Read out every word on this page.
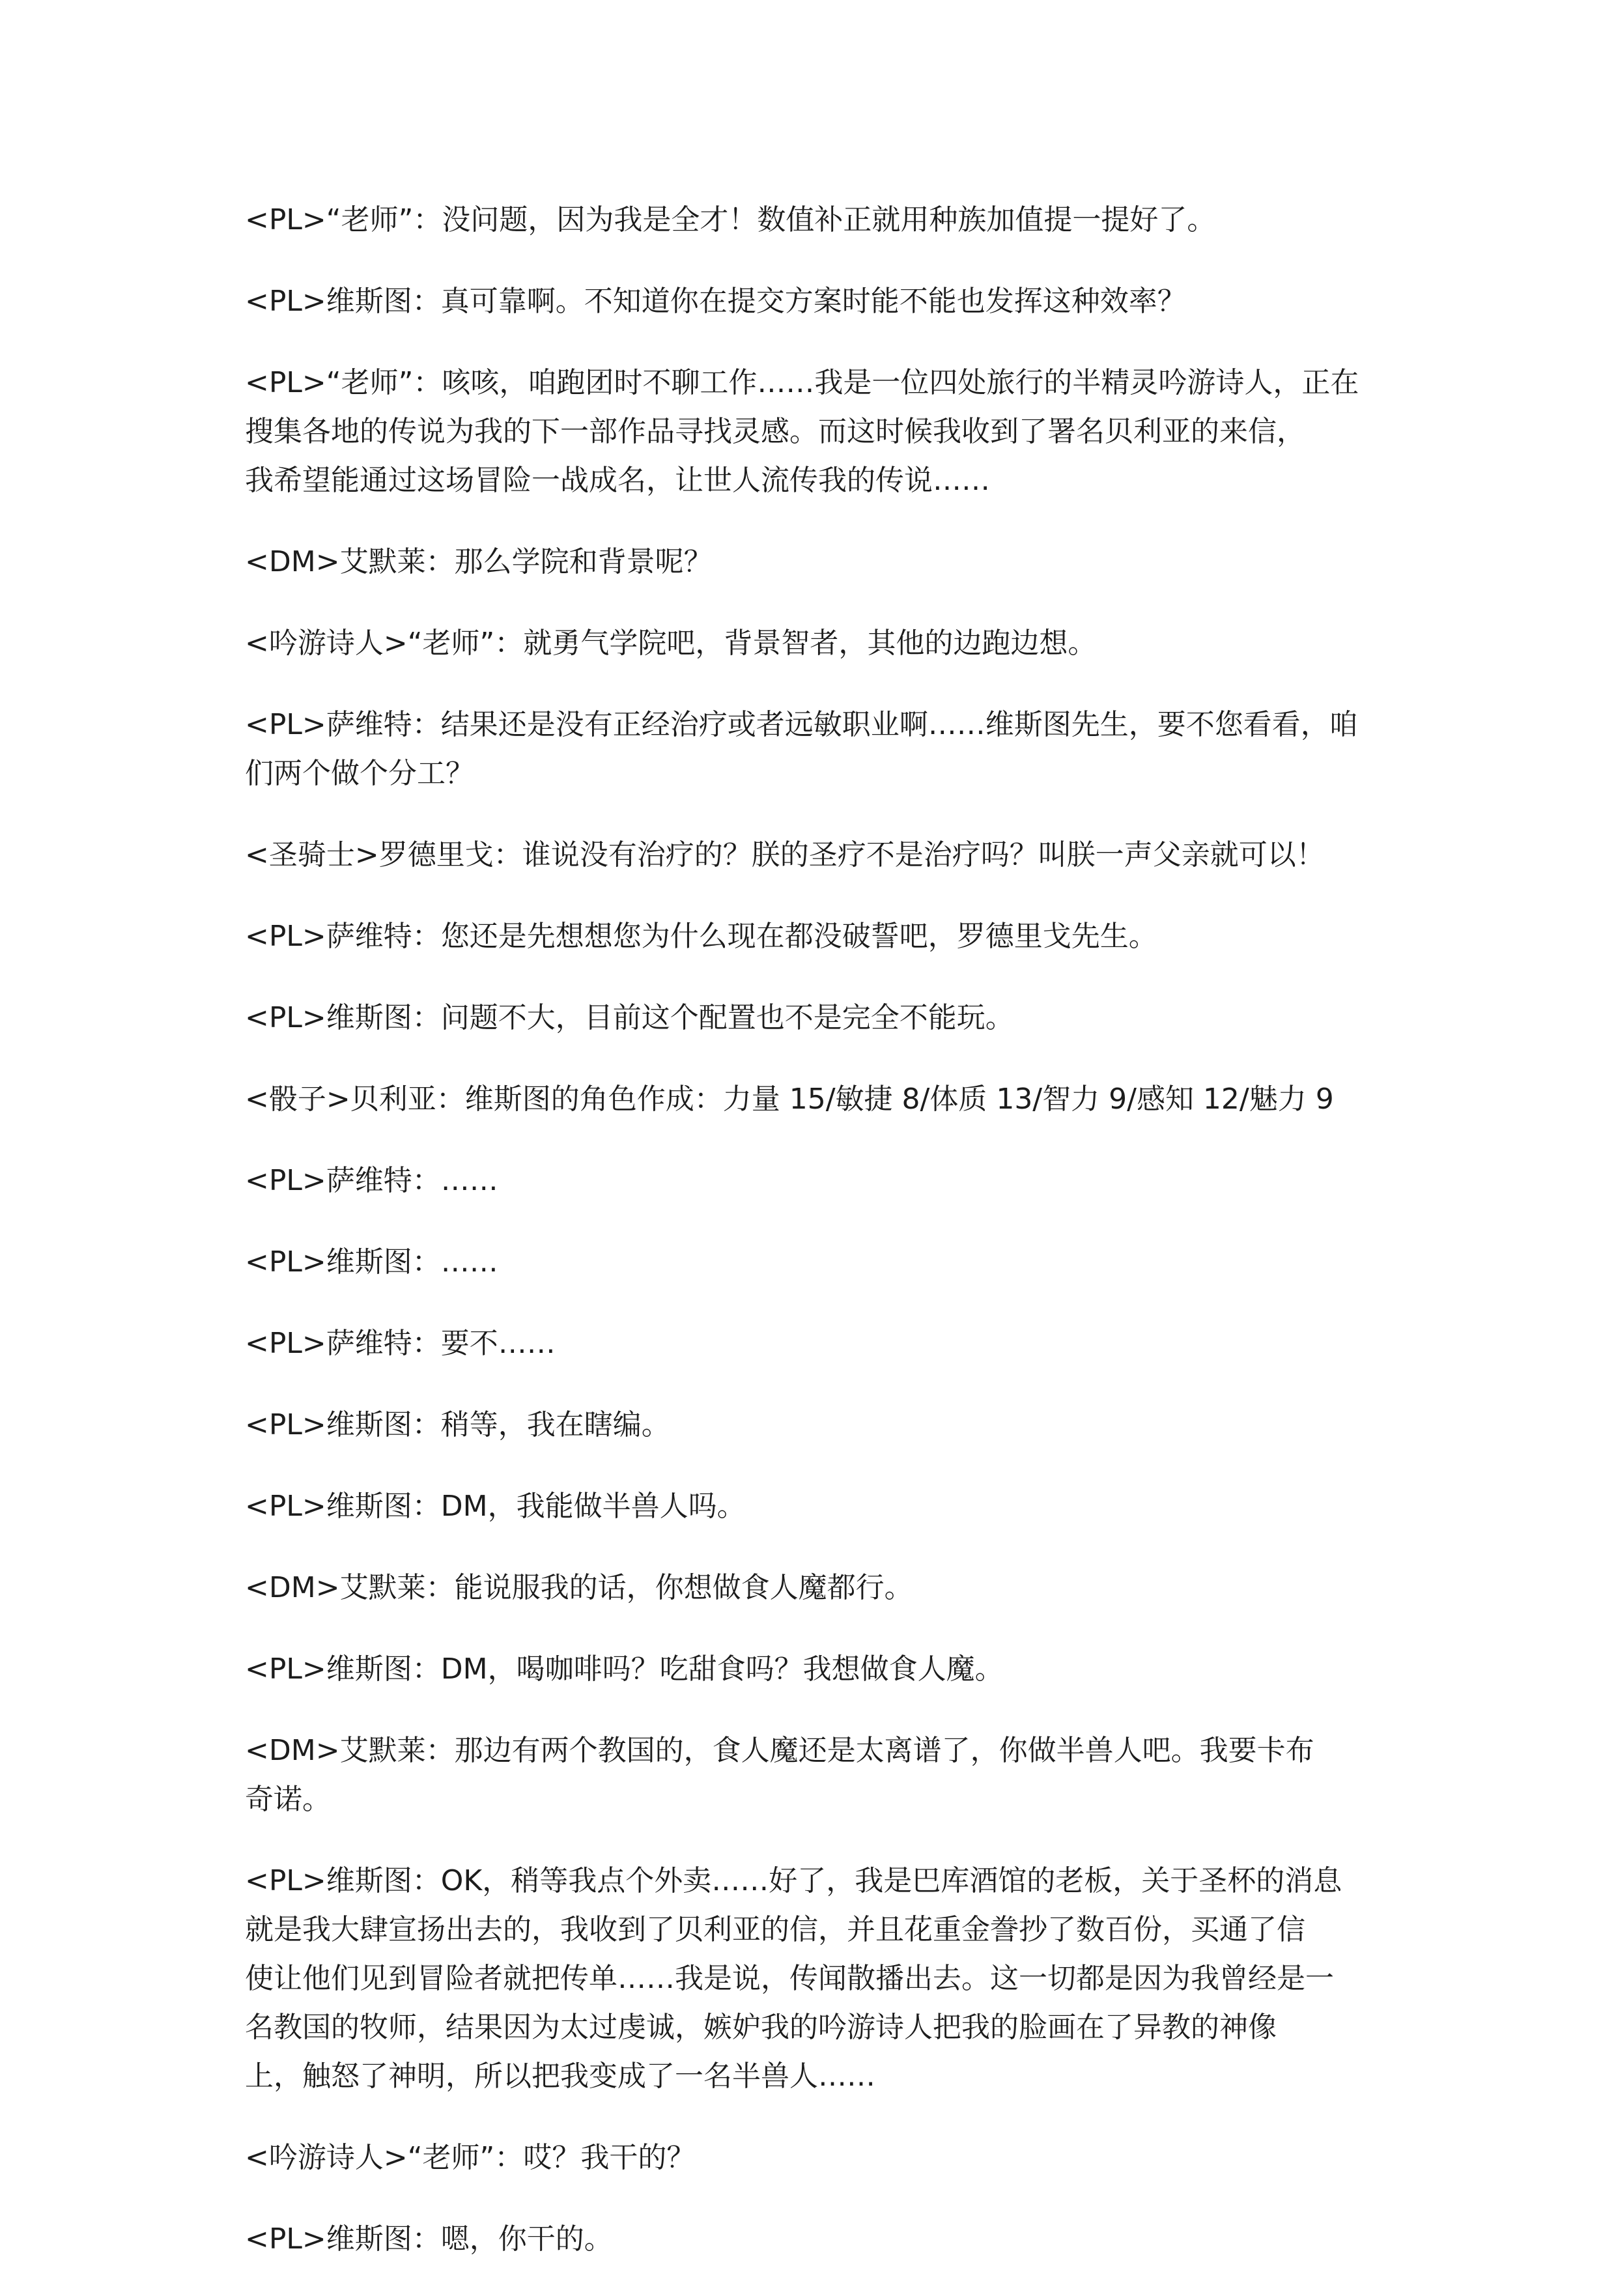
<PL>“老师”：没问题，因为我是全才！数值补正就用种族加值提一提好了。

<PL>维斯图：真可靠啊。不知道你在提交方案时能不能也发挥这种效率？

<PL>“老师”：咳咳，咱跑团时不聊工作……我是一位四处旅行的半精灵吟游诗人，正在
搜集各地的传说为我的下一部作品寻找灵感。而这时候我收到了署名贝利亚的来信，
我希望能通过这场冒险一战成名，让世人流传我的传说……

<DM>艾默莱：那么学院和背景呢？

<吟游诗人>“老师”：就勇气学院吧，背景智者，其他的边跑边想。

<PL>萨维特：结果还是没有正经治疗或者远敏职业啊……维斯图先生，要不您看看，咱
们两个做个分工？

<圣骑士>罗德里戈：谁说没有治疗的？朕的圣疗不是治疗吗？叫朕一声父亲就可以！

<PL>萨维特：您还是先想想您为什么现在都没破誓吧，罗德里戈先生。

<PL>维斯图：问题不大，目前这个配置也不是完全不能玩。

<骰子>贝利亚：维斯图的角色作成：力量 15/敏捷 8/体质 13/智力 9/感知 12/魅力 9

<PL>萨维特：……

<PL>维斯图：……

<PL>萨维特：要不……

<PL>维斯图：稍等，我在瞎编。

<PL>维斯图：DM，我能做半兽人吗。

<DM>艾默莱：能说服我的话，你想做食人魔都行。

<PL>维斯图：DM，喝咖啡吗？吃甜食吗？我想做食人魔。

<DM>艾默莱：那边有两个教国的，食人魔还是太离谱了，你做半兽人吧。我要卡布
奇诺。

<PL>维斯图：OK，稍等我点个外卖……好了，我是巴库酒馆的老板，关于圣杯的消息
就是我大肆宣扬出去的，我收到了贝利亚的信，并且花重金誊抄了数百份，买通了信
使让他们见到冒险者就把传单……我是说，传闻散播出去。这一切都是因为我曾经是一
名教国的牧师，结果因为太过虔诚，嫉妒我的吟游诗人把我的脸画在了异教的神像
上，触怒了神明，所以把我变成了一名半兽人……

<吟游诗人>“老师”：哎？我干的？

<PL>维斯图：嗯，你干的。
